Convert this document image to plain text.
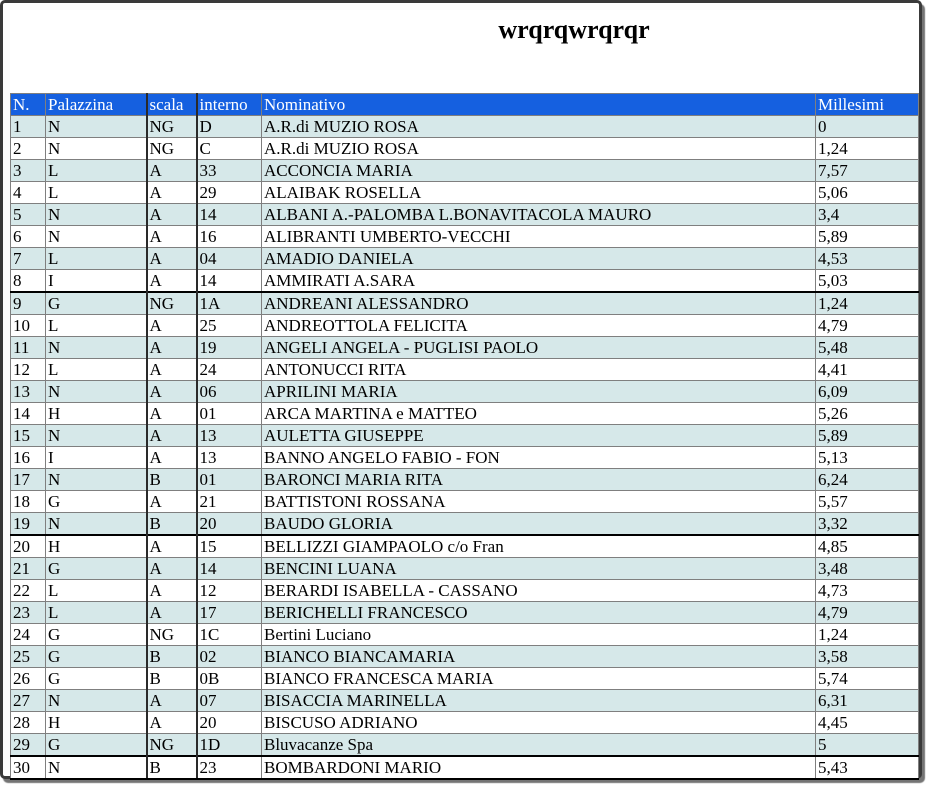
wrqrqwrqrqr
N.	Palazzina	scala	interno	Nominativo	Millesimi
1	N	NG	D	A.R.di MUZIO ROSA	0
2	N	NG	C	A.R.di MUZIO ROSA	1,24
3	L	A	33	ACCONCIA MARIA	7,57
4	L	A	29	ALAIBAK ROSELLA	5,06
5	N	A	14	ALBANI A.-PALOMBA L.BONAVITACOLA MAURO	3,4
6	N	A	16	ALIBRANTI UMBERTO-VECCHI	5,89
7	L	A	04	AMADIO DANIELA	4,53
8	I	A	14	AMMIRATI A.SARA	5,03
9	G	NG	1A	ANDREANI ALESSANDRO	1,24
10	L	A	25	ANDREOTTOLA FELICITA	4,79
11	N	A	19	ANGELI ANGELA - PUGLISI PAOLO	5,48
12	L	A	24	ANTONUCCI RITA	4,41
13	N	A	06	APRILINI MARIA	6,09
14	H	A	01	ARCA MARTINA e MATTEO	5,26
15	N	A	13	AULETTA GIUSEPPE	5,89
16	I	A	13	BANNO ANGELO FABIO - FON	5,13
17	N	B	01	BARONCI MARIA RITA	6,24
18	G	A	21	BATTISTONI ROSSANA	5,57
19	N	B	20	BAUDO GLORIA	3,32
20	H	A	15	BELLIZZI GIAMPAOLO c/o Fran	4,85
21	G	A	14	BENCINI LUANA	3,48
22	L	A	12	BERARDI ISABELLA - CASSANO	4,73
23	L	A	17	BERICHELLI FRANCESCO	4,79
24	G	NG	1C	Bertini Luciano	1,24
25	G	B	02	BIANCO BIANCAMARIA	3,58
26	G	B	0B	BIANCO FRANCESCA MARIA	5,74
27	N	A	07	BISACCIA MARINELLA	6,31
28	H	A	20	BISCUSO ADRIANO	4,45
29	G	NG	1D	Bluvacanze Spa	5
30	N	B	23	BOMBARDONI MARIO	5,43
